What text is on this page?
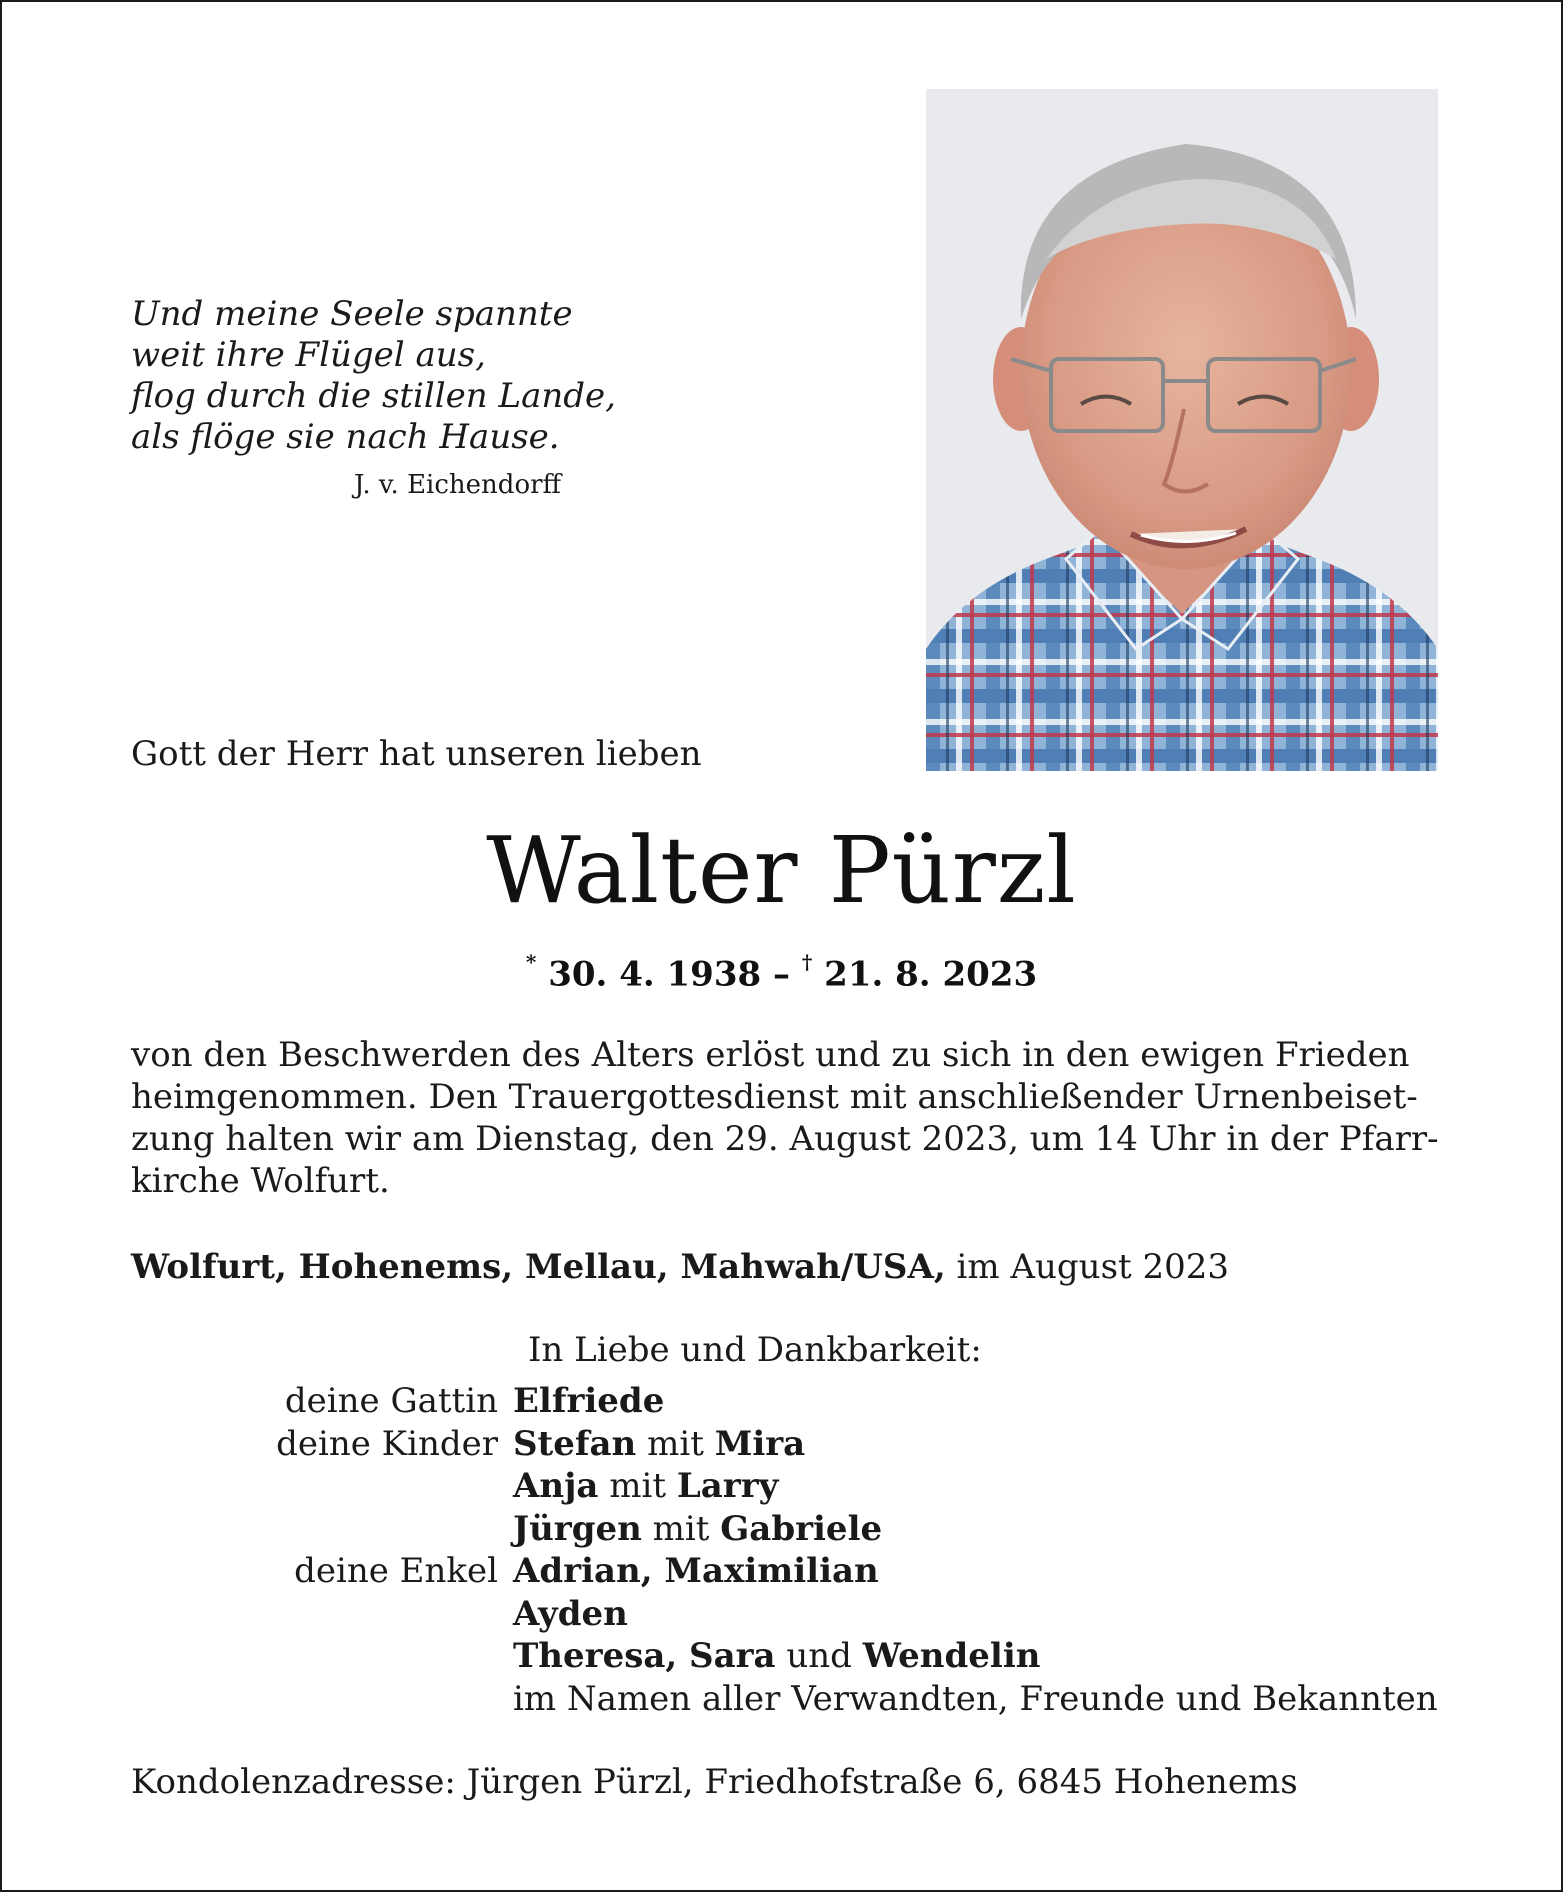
Und meine Seele spannte
weit ihre Flügel aus,
flog durch die stillen Lande,
als flöge sie nach Hause.
J. v. Eichendorff
Gott der Herr hat unseren lieben
Walter Pürzl
* 30. 4. 1938 – † 21. 8. 2023
von den Beschwerden des Alters erlöst und zu sich in den ewigen Frieden
heimgenommen. Den Trauergottesdienst mit anschließender Urnenbeiset-
zung halten wir am Dienstag, den 29. August 2023, um 14 Uhr in der Pfarr-
kirche Wolfurt.
Wolfurt, Hohenems, Mellau, Mahwah/USA, im August 2023
In Liebe und Dankbarkeit:
deine Gattin Elfriede
deine Kinder Stefan mit Mira
Anja mit Larry
Jürgen mit Gabriele
deine Enkel Adrian, Maximilian
Ayden
Theresa, Sara und Wendelin
im Namen aller Verwandten, Freunde und Bekannten
Kondolenzadresse: Jürgen Pürzl, Friedhofstraße 6, 6845 Hohenems
